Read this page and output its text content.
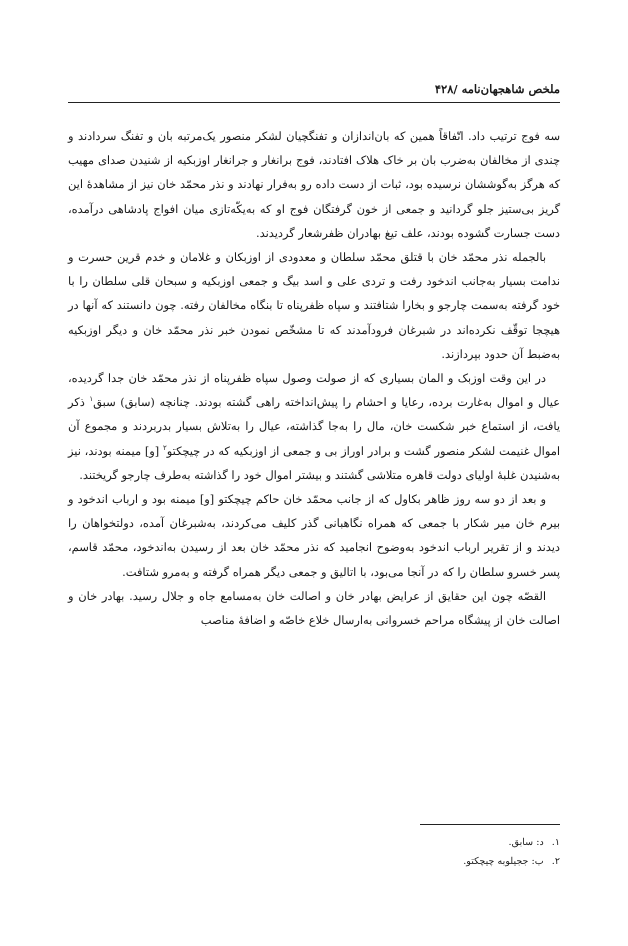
ملخص شاهجهان‌نامه /۴۲۸

سه فوج ترتیب داد. اتّفاقاً همین که بان‌اندازان و تفنگچیان لشکر منصور یک‌مرتبه بان و تفنگ سردادند و چندی از مخالفان به‌ضرب بان بر خاک هلاک افتادند، فوج برانغار و جرانغار اوزبکیه از شنیدن صدای مهیب که هرگز به‌گوششان نرسیده بود، ثبات از دست داده رو به‌فرار نهادند و نذر محمّد خان نیز از مشاهدهٔ این گریز بی‌ستیز جلو گردانید و جمعی از خون گرفتگان فوج او که به‌یکّه‌تازی میان افواج پادشاهی درآمده، دست جسارت گشوده بودند، علف تیغ بهادران ظفرشعار گردیدند.

بالجمله نذر محمّد خان با قتلق محمّد سلطان و معدودی از اوزبکان و غلامان و خدم قرین حسرت و ندامت بسیار به‌جانب اندخود رفت و تردی علی و اسد بیگ و جمعی اوزبکیه و سبحان قلی سلطان را با خود گرفته به‌سمت چارجو و بخارا شتافتند و سپاه ظفرپناه تا بنگاه مخالفان رفته. چون دانستند که آنها در هیچجا توقّف نکرده‌اند در شبرغان فرودآمدند که تا مشخّص نمودن خبر نذر محمّد خان و دیگر اوزبکیه به‌ضبط آن حدود بپردازند.

در این وقت اوزبک و المان بسیاری که از صولت وصول سپاه ظفرپناه از نذر محمّد خان جدا گردیده، عیال و اموال به‌غارت برده، رعایا و احشام را پیش‌انداخته راهی گشته بودند. چنانچه (سابق) سبق$^۱$ ذکر یافت، از استماع خبر شکست خان، مال را به‌جا گذاشته، عیال را به‌تلاش بسیار بدربردند و مجموع آن اموال غنیمت لشکر منصور گشت و برادر اوراز بی و جمعی از اوزبکیه که در چیچکتو$^۲$ [و] میمنه بودند، نیز به‌شنیدن غلبهٔ اولیای دولت قاهره متلاشی گشتند و بیشتر اموال خود را گذاشته به‌طرف چارجو گریختند.

و بعد از دو سه روز ظاهر بکاول که از جانب محمّد خان حاکم چیچکتو [و] میمنه بود و ارباب اندخود و بیرم خان میر شکار با جمعی که همراه نگاهبانی گذر کلیف می‌کردند، به‌شبرغان آمده، دولتخواهان را دیدند و از تقریر ارباب اندخود به‌وضوح انجامید که نذر محمّد خان بعد از رسیدن به‌اندخود، محمّد قاسم، پسر خسرو سلطان را که در آنجا می‌بود، با اتالیق و جمعی دیگر همراه گرفته و به‌مرو شتافت.

القصّه چون این حقایق از عرایض بهادر خان و اصالت خان به‌مسامع جاه و جلال رسید. بهادر خان و اصالت خان از پیشگاه مراحم خسروانی به‌ارسال خلاع خاصّه و اضافهٔ مناصب

۱.د: سابق.
۲.ب: ججیلوبه چیچکتو.
